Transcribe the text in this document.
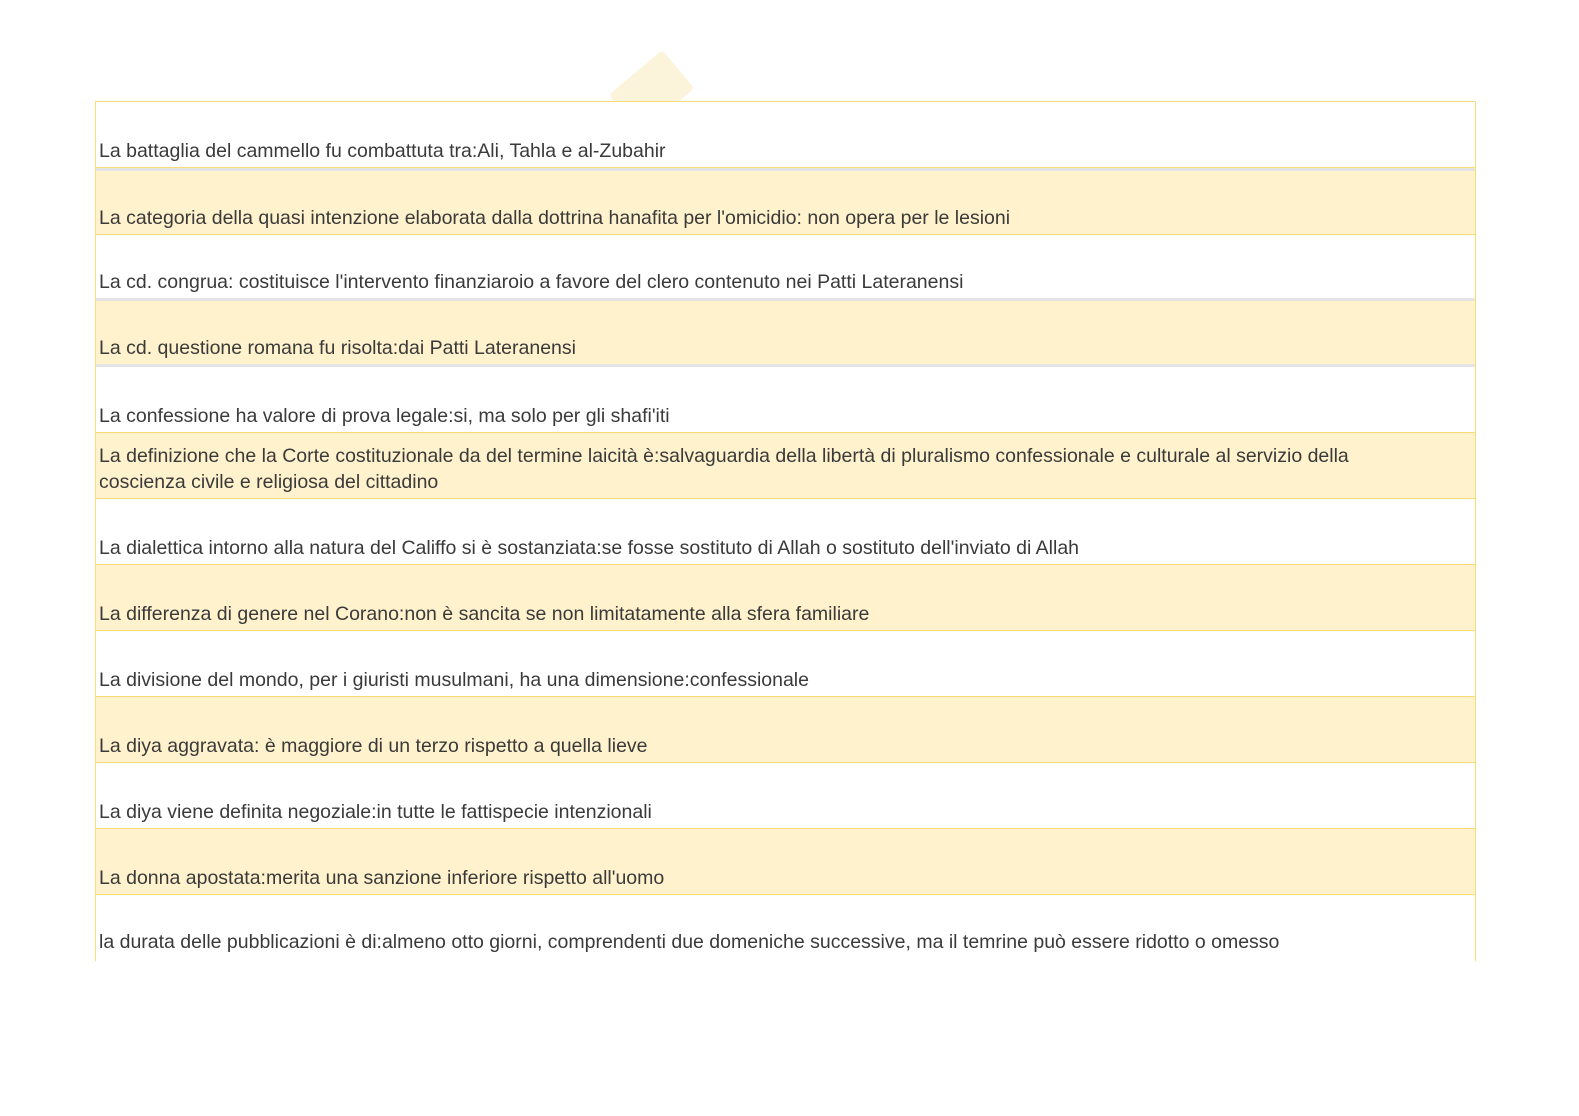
La battaglia del cammello fu combattuta tra:Ali, Tahla e al-Zubahir
La categoria della quasi intenzione elaborata dalla dottrina hanafita per l'omicidio: non opera per le lesioni
La cd. congrua: costituisce l'intervento finanziaroio a favore del clero contenuto nei Patti Lateranensi
La cd. questione romana fu risolta:dai Patti Lateranensi
La confessione ha valore di prova legale:si, ma solo per gli shafi'iti
La definizione che la Corte costituzionale da del termine laicità è:salvaguardia della libertà di pluralismo confessionale e culturale al servizio della coscienza civile e religiosa del cittadino
La dialettica intorno alla natura del Califfo si è sostanziata:se fosse sostituto di Allah o sostituto dell'inviato di Allah
La differenza di genere nel Corano:non è sancita se non limitatamente alla sfera familiare
La divisione del mondo, per i giuristi musulmani, ha una dimensione:confessionale
La diya aggravata: è maggiore di un terzo rispetto a quella lieve
La diya viene definita negoziale:in tutte le fattispecie intenzionali
La donna apostata:merita una sanzione inferiore rispetto all'uomo
la durata delle pubblicazioni è di:almeno otto giorni, comprendenti due domeniche successive, ma il temrine può essere ridotto o omesso
